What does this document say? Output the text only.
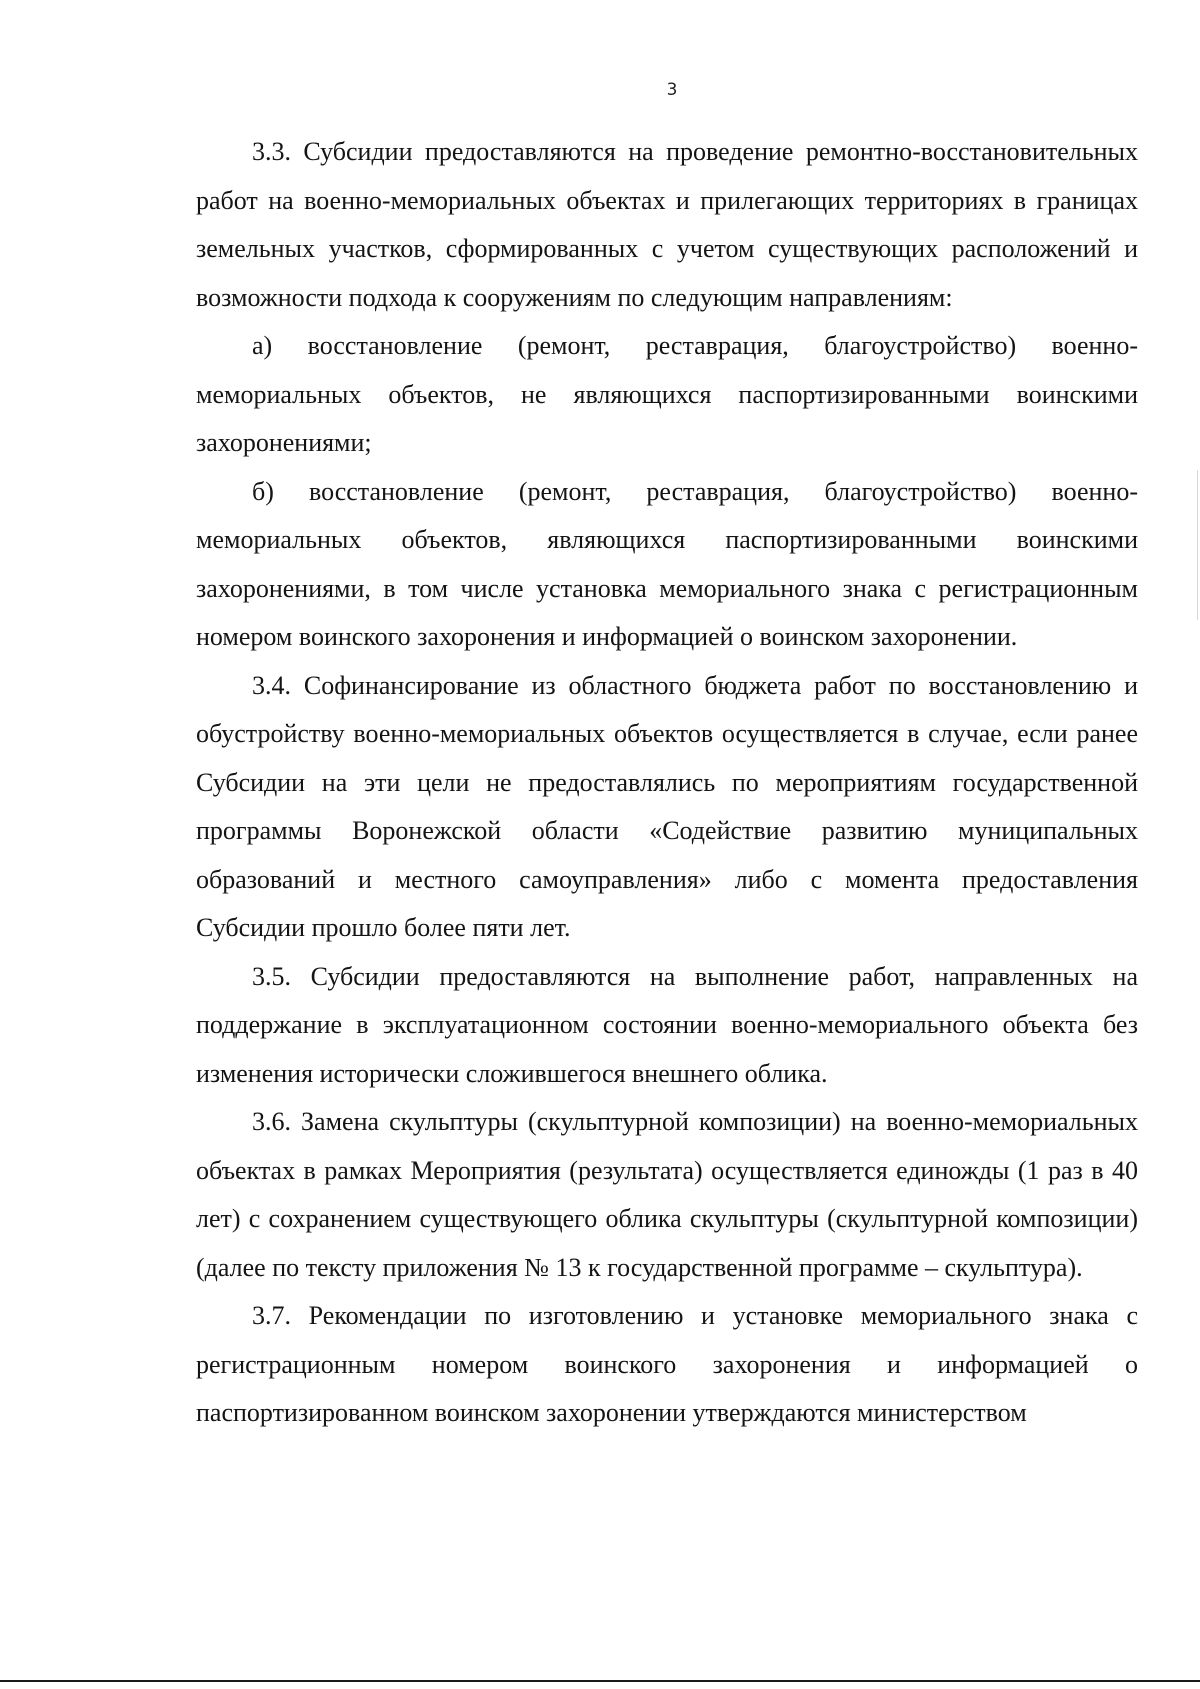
3

3.3. Субсидии предоставляются на проведение ремонтно-восстановительных работ на военно-мемориальных объектах и прилегающих территориях в границах земельных участков, сформированных с учетом существующих расположений и возможности подхода к сооружениям по следующим направлениям:

а) восстановление (ремонт, реставрация, благоустройство) военно-мемориальных объектов, не являющихся паспортизированными воинскими захоронениями;

б) восстановление (ремонт, реставрация, благоустройство) военно-мемориальных объектов, являющихся паспортизированными воинскими захоронениями, в том числе установка мемориального знака с регистрационным номером воинского захоронения и информацией о воинском захоронении.

3.4. Софинансирование из областного бюджета работ по восстановлению и обустройству военно-мемориальных объектов осуществляется в случае, если ранее Субсидии на эти цели не предоставлялись по мероприятиям государственной программы Воронежской области «Содействие развитию муниципальных образований и местного самоуправления» либо с момента предоставления Субсидии прошло более пяти лет.

3.5. Субсидии предоставляются на выполнение работ, направленных на поддержание в эксплуатационном состоянии военно-мемориального объекта без изменения исторически сложившегося внешнего облика.

3.6. Замена скульптуры (скульптурной композиции) на военно-мемориальных объектах в рамках Мероприятия (результата) осуществляется единожды (1 раз в 40 лет) с сохранением существующего облика скульптуры (скульптурной композиции) (далее по тексту приложения № 13 к государственной программе – скульптура).

3.7. Рекомендации по изготовлению и установке мемориального знака с регистрационным номером воинского захоронения и информацией о паспортизированном воинском захоронении утверждаются министерством
